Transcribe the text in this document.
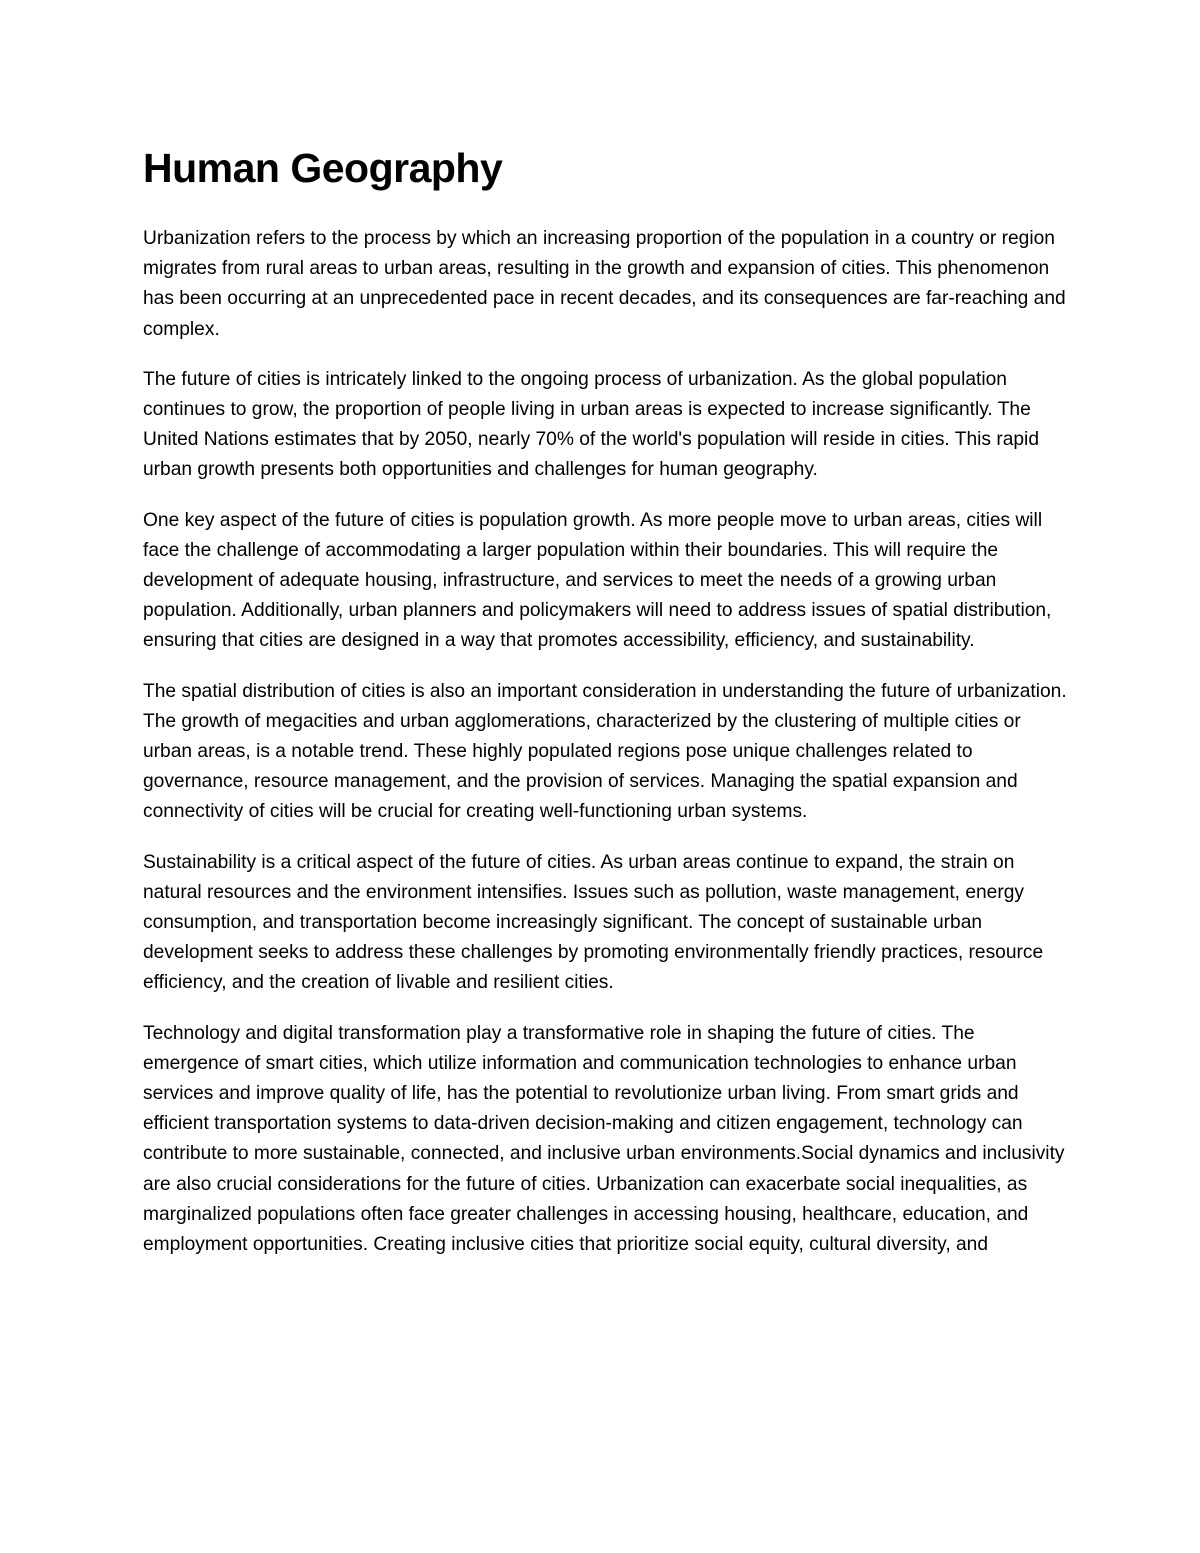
Human Geography

Urbanization refers to the process by which an increasing proportion of the population in a country or region migrates from rural areas to urban areas, resulting in the growth and expansion of cities. This phenomenon has been occurring at an unprecedented pace in recent decades, and its consequences are far-reaching and complex.

The future of cities is intricately linked to the ongoing process of urbanization. As the global population continues to grow, the proportion of people living in urban areas is expected to increase significantly. The United Nations estimates that by 2050, nearly 70% of the world's population will reside in cities. This rapid urban growth presents both opportunities and challenges for human geography.

One key aspect of the future of cities is population growth. As more people move to urban areas, cities will face the challenge of accommodating a larger population within their boundaries. This will require the development of adequate housing, infrastructure, and services to meet the needs of a growing urban population. Additionally, urban planners and policymakers will need to address issues of spatial distribution, ensuring that cities are designed in a way that promotes accessibility, efficiency, and sustainability.

The spatial distribution of cities is also an important consideration in understanding the future of urbanization. The growth of megacities and urban agglomerations, characterized by the clustering of multiple cities or urban areas, is a notable trend. These highly populated regions pose unique challenges related to governance, resource management, and the provision of services. Managing the spatial expansion and connectivity of cities will be crucial for creating well-functioning urban systems.

Sustainability is a critical aspect of the future of cities. As urban areas continue to expand, the strain on natural resources and the environment intensifies. Issues such as pollution, waste management, energy consumption, and transportation become increasingly significant. The concept of sustainable urban development seeks to address these challenges by promoting environmentally friendly practices, resource efficiency, and the creation of livable and resilient cities.

Technology and digital transformation play a transformative role in shaping the future of cities. The emergence of smart cities, which utilize information and communication technologies to enhance urban services and improve quality of life, has the potential to revolutionize urban living. From smart grids and efficient transportation systems to data-driven decision-making and citizen engagement, technology can contribute to more sustainable, connected, and inclusive urban environments.Social dynamics and inclusivity are also crucial considerations for the future of cities. Urbanization can exacerbate social inequalities, as marginalized populations often face greater challenges in accessing housing, healthcare, education, and employment opportunities. Creating inclusive cities that prioritize social equity, cultural diversity, and
